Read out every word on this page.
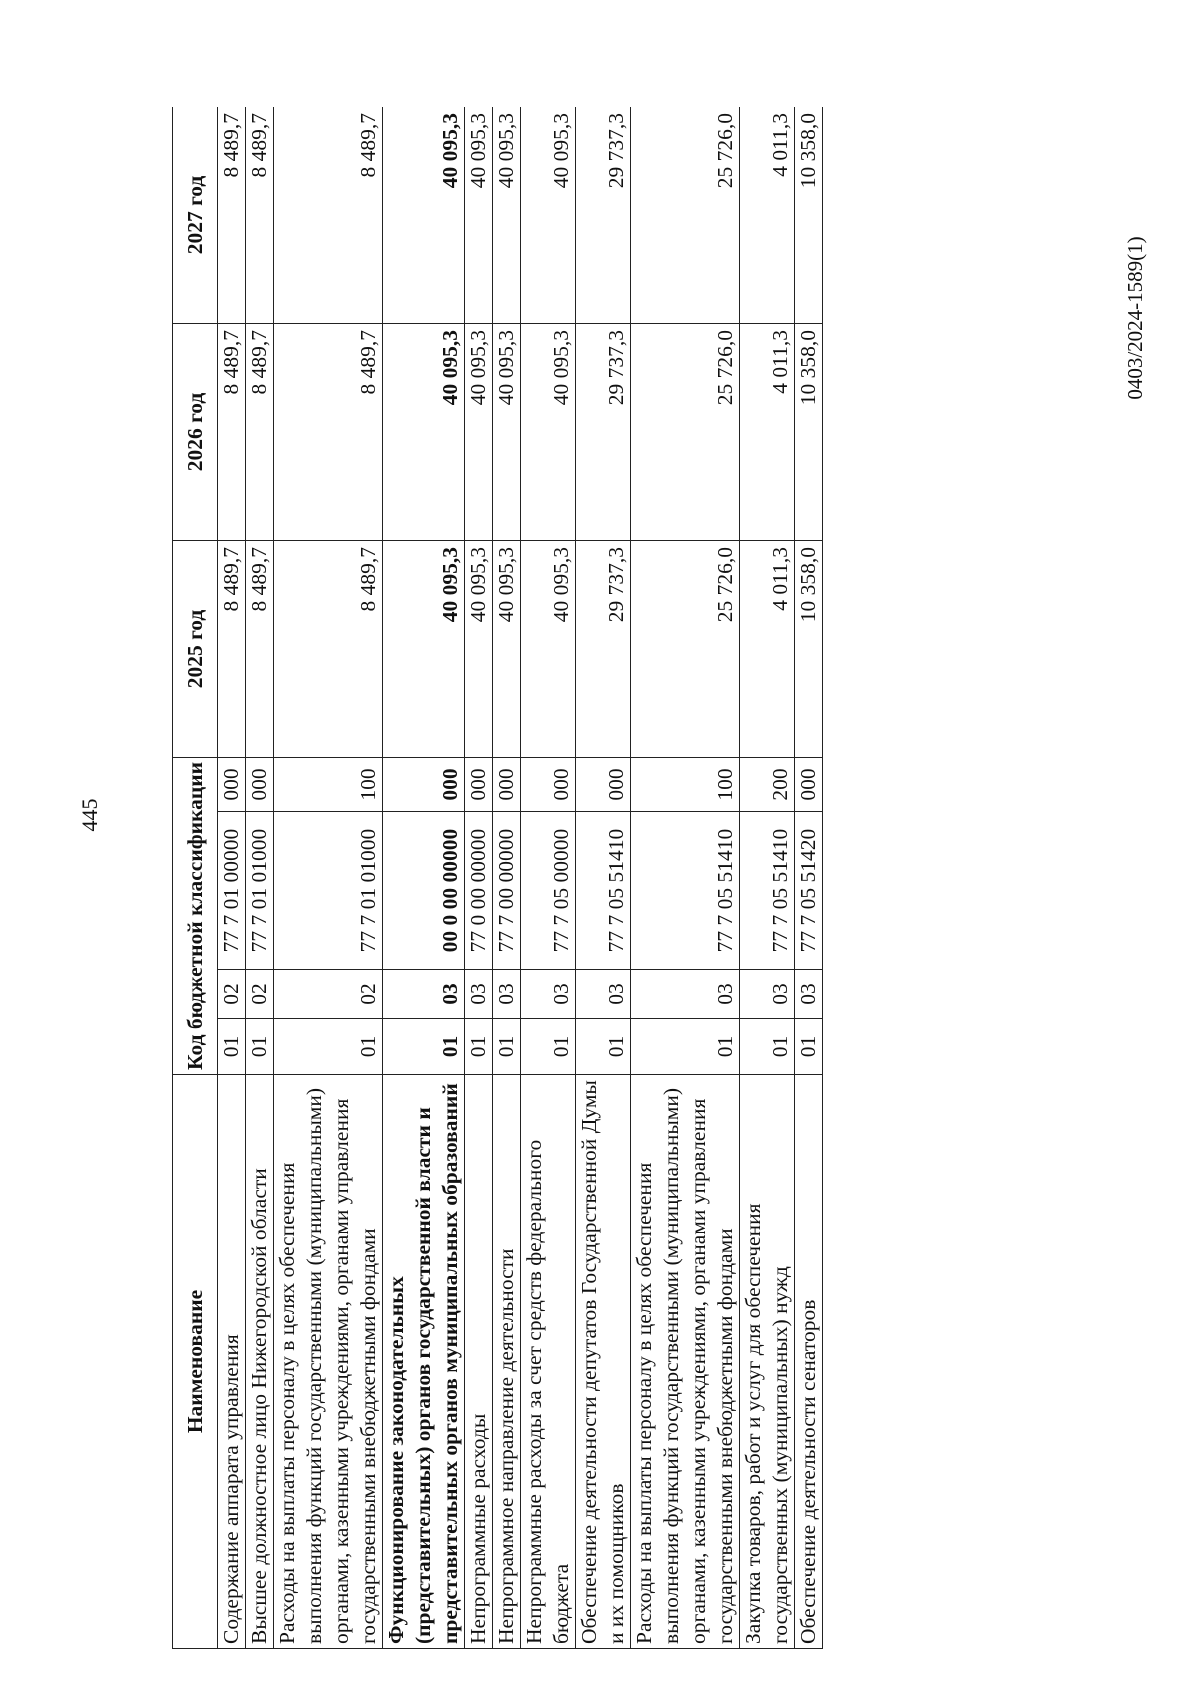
445
0403/2024-1589(1)
Наименование	Код бюджетной классификации				2025 год	2026 год	2027 год
Содержание аппарата управления	01	02	77 7 01 00000	000	8 489,7	8 489,7	8 489,7
Высшее должностное лицо Нижегородской области	01	02	77 7 01 01000	000	8 489,7	8 489,7	8 489,7
Расходы на выплаты персоналу в целях обеспечения выполнения функций государственными (муниципальными) органами, казенными учреждениями, органами управления государственными внебюджетными фондами	01	02	77 7 01 01000	100	8 489,7	8 489,7	8 489,7
Функционирование законодательных (представительных) органов государственной власти и представительных органов муниципальных образований	01	03	00 0 00 00000	000	40 095,3	40 095,3	40 095,3
Непрограммные расходы	01	03	77 0 00 00000	000	40 095,3	40 095,3	40 095,3
Непрограммное направление деятельности	01	03	77 7 00 00000	000	40 095,3	40 095,3	40 095,3
Непрограммные расходы за счет средств федерального бюджета	01	03	77 7 05 00000	000	40 095,3	40 095,3	40 095,3
Обеспечение деятельности депутатов Государственной Думы и их помощников	01	03	77 7 05 51410	000	29 737,3	29 737,3	29 737,3
Расходы на выплаты персоналу в целях обеспечения выполнения функций государственными (муниципальными) органами, казенными учреждениями, органами управления государственными внебюджетными фондами	01	03	77 7 05 51410	100	25 726,0	25 726,0	25 726,0
Закупка товаров, работ и услуг для обеспечения государственных (муниципальных) нужд	01	03	77 7 05 51410	200	4 011,3	4 011,3	4 011,3
Обеспечение деятельности сенаторов	01	03	77 7 05 51420	000	10 358,0	10 358,0	10 358,0
